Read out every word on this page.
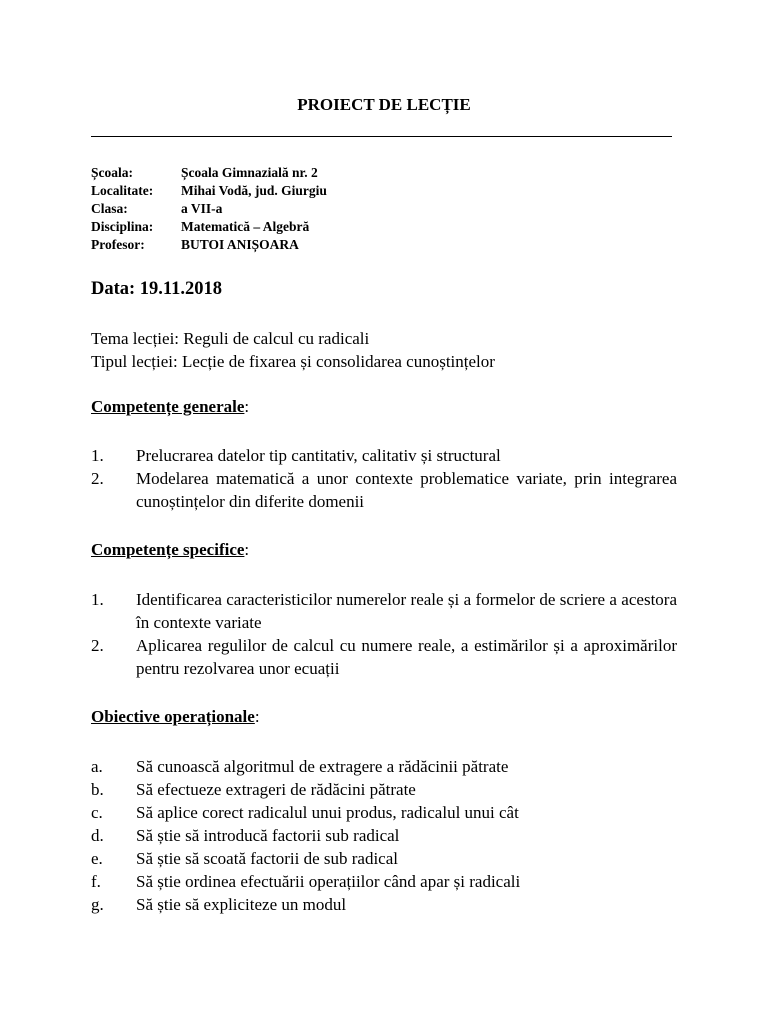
PROIECT DE LECȚIE
Școala:	Școala Gimnazială nr. 2
Localitate:	Mihai Vodă, jud. Giurgiu
Clasa:	a VII-a
Disciplina:	Matematică – Algebră
Profesor:	BUTOI ANIȘOARA
Data: 19.11.2018
Tema lecției: Reguli de calcul cu radicali
Tipul lecției: Lecție de fixarea și consolidarea cunoștințelor
Competențe generale:
1.	Prelucrarea datelor tip cantitativ, calitativ și structural
2.	Modelarea matematică a unor contexte problematice variate, prin integrarea cunoștințelor din diferite domenii
Competențe specifice:
1.	Identificarea caracteristicilor numerelor reale și a formelor de scriere a acestora în contexte variate
2.	Aplicarea regulilor de calcul cu numere reale, a estimărilor și a aproximărilor pentru rezolvarea unor ecuații
Obiective operaționale:
a.	Să cunoască algoritmul de extragere a rădăcinii pătrate
b.	Să efectueze extrageri de rădăcini pătrate
c.	Să aplice corect radicalul unui produs, radicalul unui cât
d.	Să știe să introducă factorii sub radical
e.	Să știe să scoată factorii de sub radical
f.	Să știe ordinea efectuării operațiilor când apar și radicali
g.	Să știe să expliciteze un modul
